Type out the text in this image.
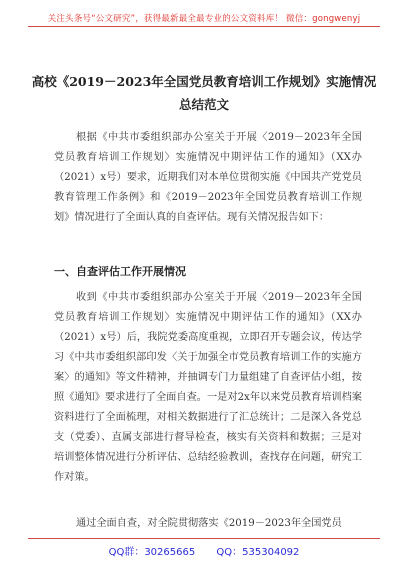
关注头条号“公文研究”，获得最新最全最专业的公文资料库！ 微信：gongwenyj
高校《2019－2023年全国党员教育培训工作规划》实施情况总结范文
根据《中共市委组织部办公室关于开展〈2019－2023年全国党员教育培训工作规划〉实施情况中期评估工作的通知》（XX办（2021）x号）要求，近期我们对本单位贯彻实施《中国共产党党员教育管理工作条例》和《2019－2023年全国党员教育培训工作规划》情况进行了全面认真的自查评估。现有关情况报告如下：
一、自查评估工作开展情况
收到《中共市委组织部办公室关于开展〈2019－2023年全国党员教育培训工作规划〉实施情况中期评估工作的通知》（XX办（2021）x号）后，我院党委高度重视，立即召开专题会议，传达学习《中共市委组织部印发〈关于加强全市党员教育培训工作的实施方案〉的通知》等文件精神，并抽调专门力量组建了自查评估小组，按照《通知》要求进行了全面自查。一是对2x年以来党员教育培训档案资料进行了全面梳理，对相关数据进行了汇总统计；二是深入各党总支（党委）、直属支部进行督导检查，核实有关资料和数据；三是对培训整体情况进行分析评估、总结经验教训，查找存在问题，研究工作对策。
通过全面自查，对全院贯彻落实《2019－2023年全国党员
QQ群：30265665 QQ：535304092
